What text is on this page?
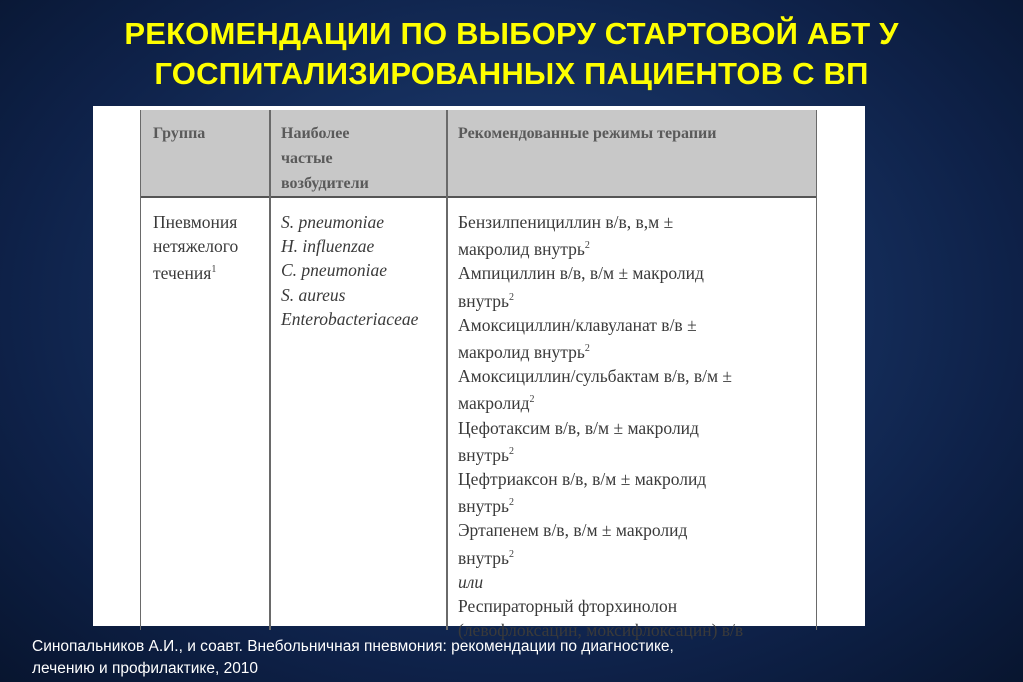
РЕКОМЕНДАЦИИ ПО ВЫБОРУ СТАРТОВОЙ АБТ У
ГОСПИТАЛИЗИРОВАННЫХ ПАЦИЕНТОВ С ВП
Группа	Наиболее
частые
возбудители
Рекомендованные режимы терапии
Пневмония
нетяжелого
течения$^1$
S. pneumoniae
H. influenzae
C. pneumoniae
S. aureus
Enterobacteriaceae
Бензилпенициллин в/в, в,м ±
макролид внутрь$^2$
Ампициллин в/в, в/м ± макролид
внутрь$^2$
Амоксициллин/клавуланат в/в ±
макролид внутрь$^2$
Амоксициллин/сульбактам в/в, в/м ±
макролид$^2$
Цефотаксим в/в, в/м ± макролид
внутрь$^2$
Цефтриаксон в/в, в/м ± макролид
внутрь$^2$
Эртапенем в/в, в/м ± макролид
внутрь$^2$
или
Респираторный фторхинолон
(левофлоксацин, моксифлоксацин) в/в
Синопальников А.И., и соавт. Внебольничная пневмония: рекомендации по диагностике,
лечению и профилактике, 2010
